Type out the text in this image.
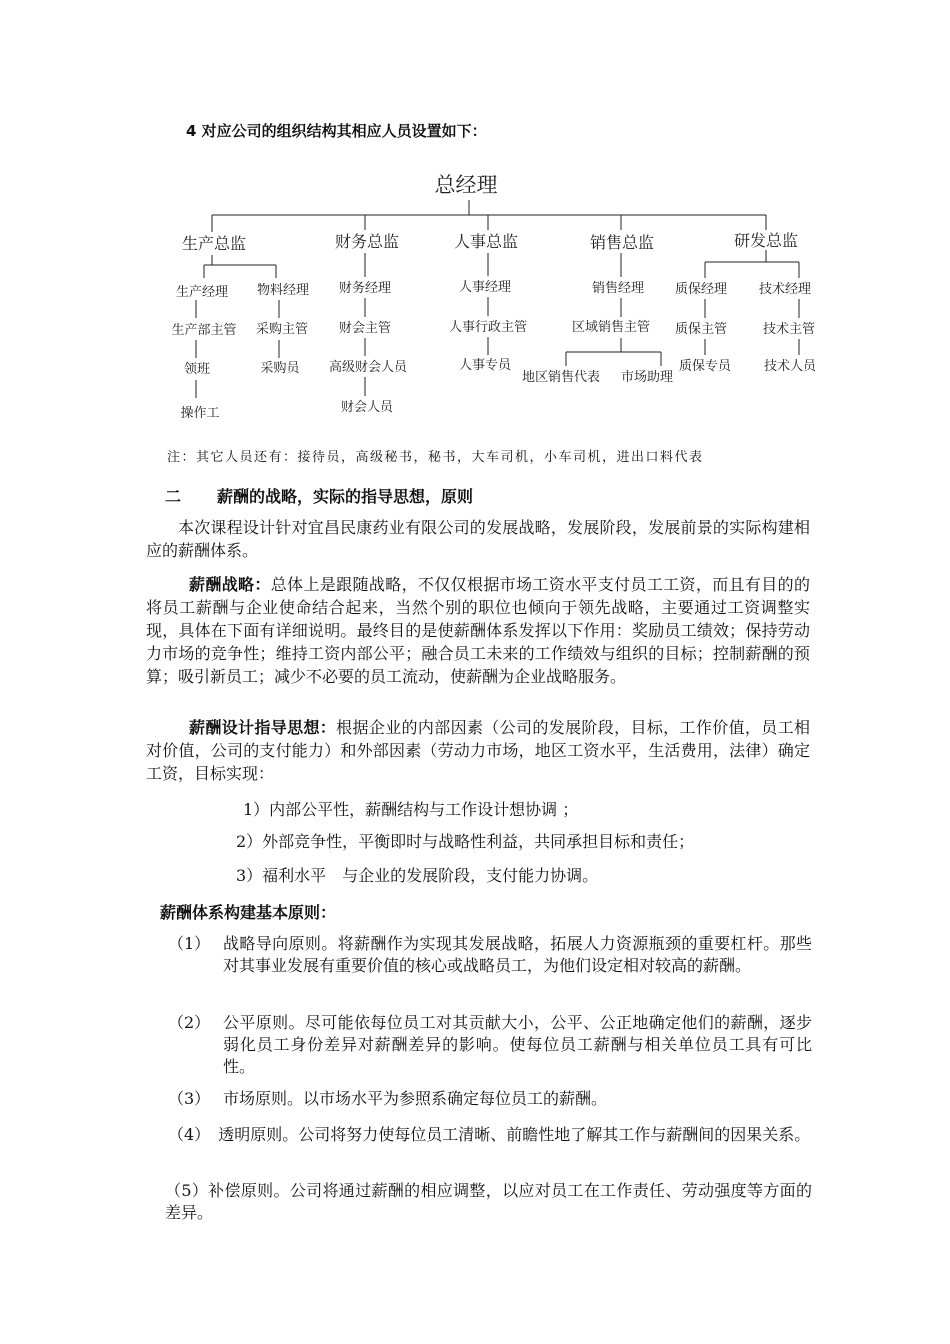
4 对应公司的组织结构其相应人员设置如下：
总经理
生产总监	财务总监	人事总监	销售总监	研发总监
生产经理 物料经理
生产部主管
领班
操作工
采购主管
采购员
财务经理
财会主管
高级财会人员
财会人员
人事经理
人事行政主管
人事专员
销售经理
区域销售主管
地区销售代表 市场助理
质保经理
质保主管
质保专员
技术经理
技术主管
技术人员
注：其它人员还有：接待员，高级秘书，秘书，大车司机，小车司机，进出口料代表
二 薪酬的战略，实际的指导思想，原则
本次课程设计针对宜昌民康药业有限公司的发展战略，发展阶段，发展前景的实际构建相应的薪酬体系。
薪酬战略：总体上是跟随战略，不仅仅根据市场工资水平支付员工工资，而且有目的的将员工薪酬与企业使命结合起来，当然个别的职位也倾向于领先战略，主要通过工资调整实现，具体在下面有详细说明。最终目的是使薪酬体系发挥以下作用：奖励员工绩效；保持劳动力市场的竞争性；维持工资内部公平；融合员工未来的工作绩效与组织的目标；控制薪酬的预算；吸引新员工；减少不必要的员工流动，使薪酬为企业战略服务。
薪酬设计指导思想：根据企业的内部因素（公司的发展阶段，目标，工作价值，员工相对价值，公司的支付能力）和外部因素（劳动力市场，地区工资水平，生活费用，法律）确定工资，目标实现：
1）内部公平性，薪酬结构与工作设计想协调 ；
2）外部竞争性，平衡即时与战略性利益，共同承担目标和责任；
3）福利水平　与企业的发展阶段，支付能力协调。
薪酬体系构建基本原则：
（1） 战略导向原则。将薪酬作为实现其发展战略，拓展人力资源瓶颈的重要杠杆。那些对其事业发展有重要价值的核心或战略员工，为他们设定相对较高的薪酬。
（2） 公平原则。尽可能依每位员工对其贡献大小，公平、公正地确定他们的薪酬，逐步弱化员工身份差异对薪酬差异的影响。使每位员工薪酬与相关单位员工具有可比性。
（3） 市场原则。以市场水平为参照系确定每位员工的薪酬。
（4）　 透明原则。公司将努力使每位员工清晰、前瞻性地了解其工作与薪酬间的因果关系。
（5）补偿原则。公司将通过薪酬的相应调整，以应对员工在工作责任、劳动强度等方面的差异。
